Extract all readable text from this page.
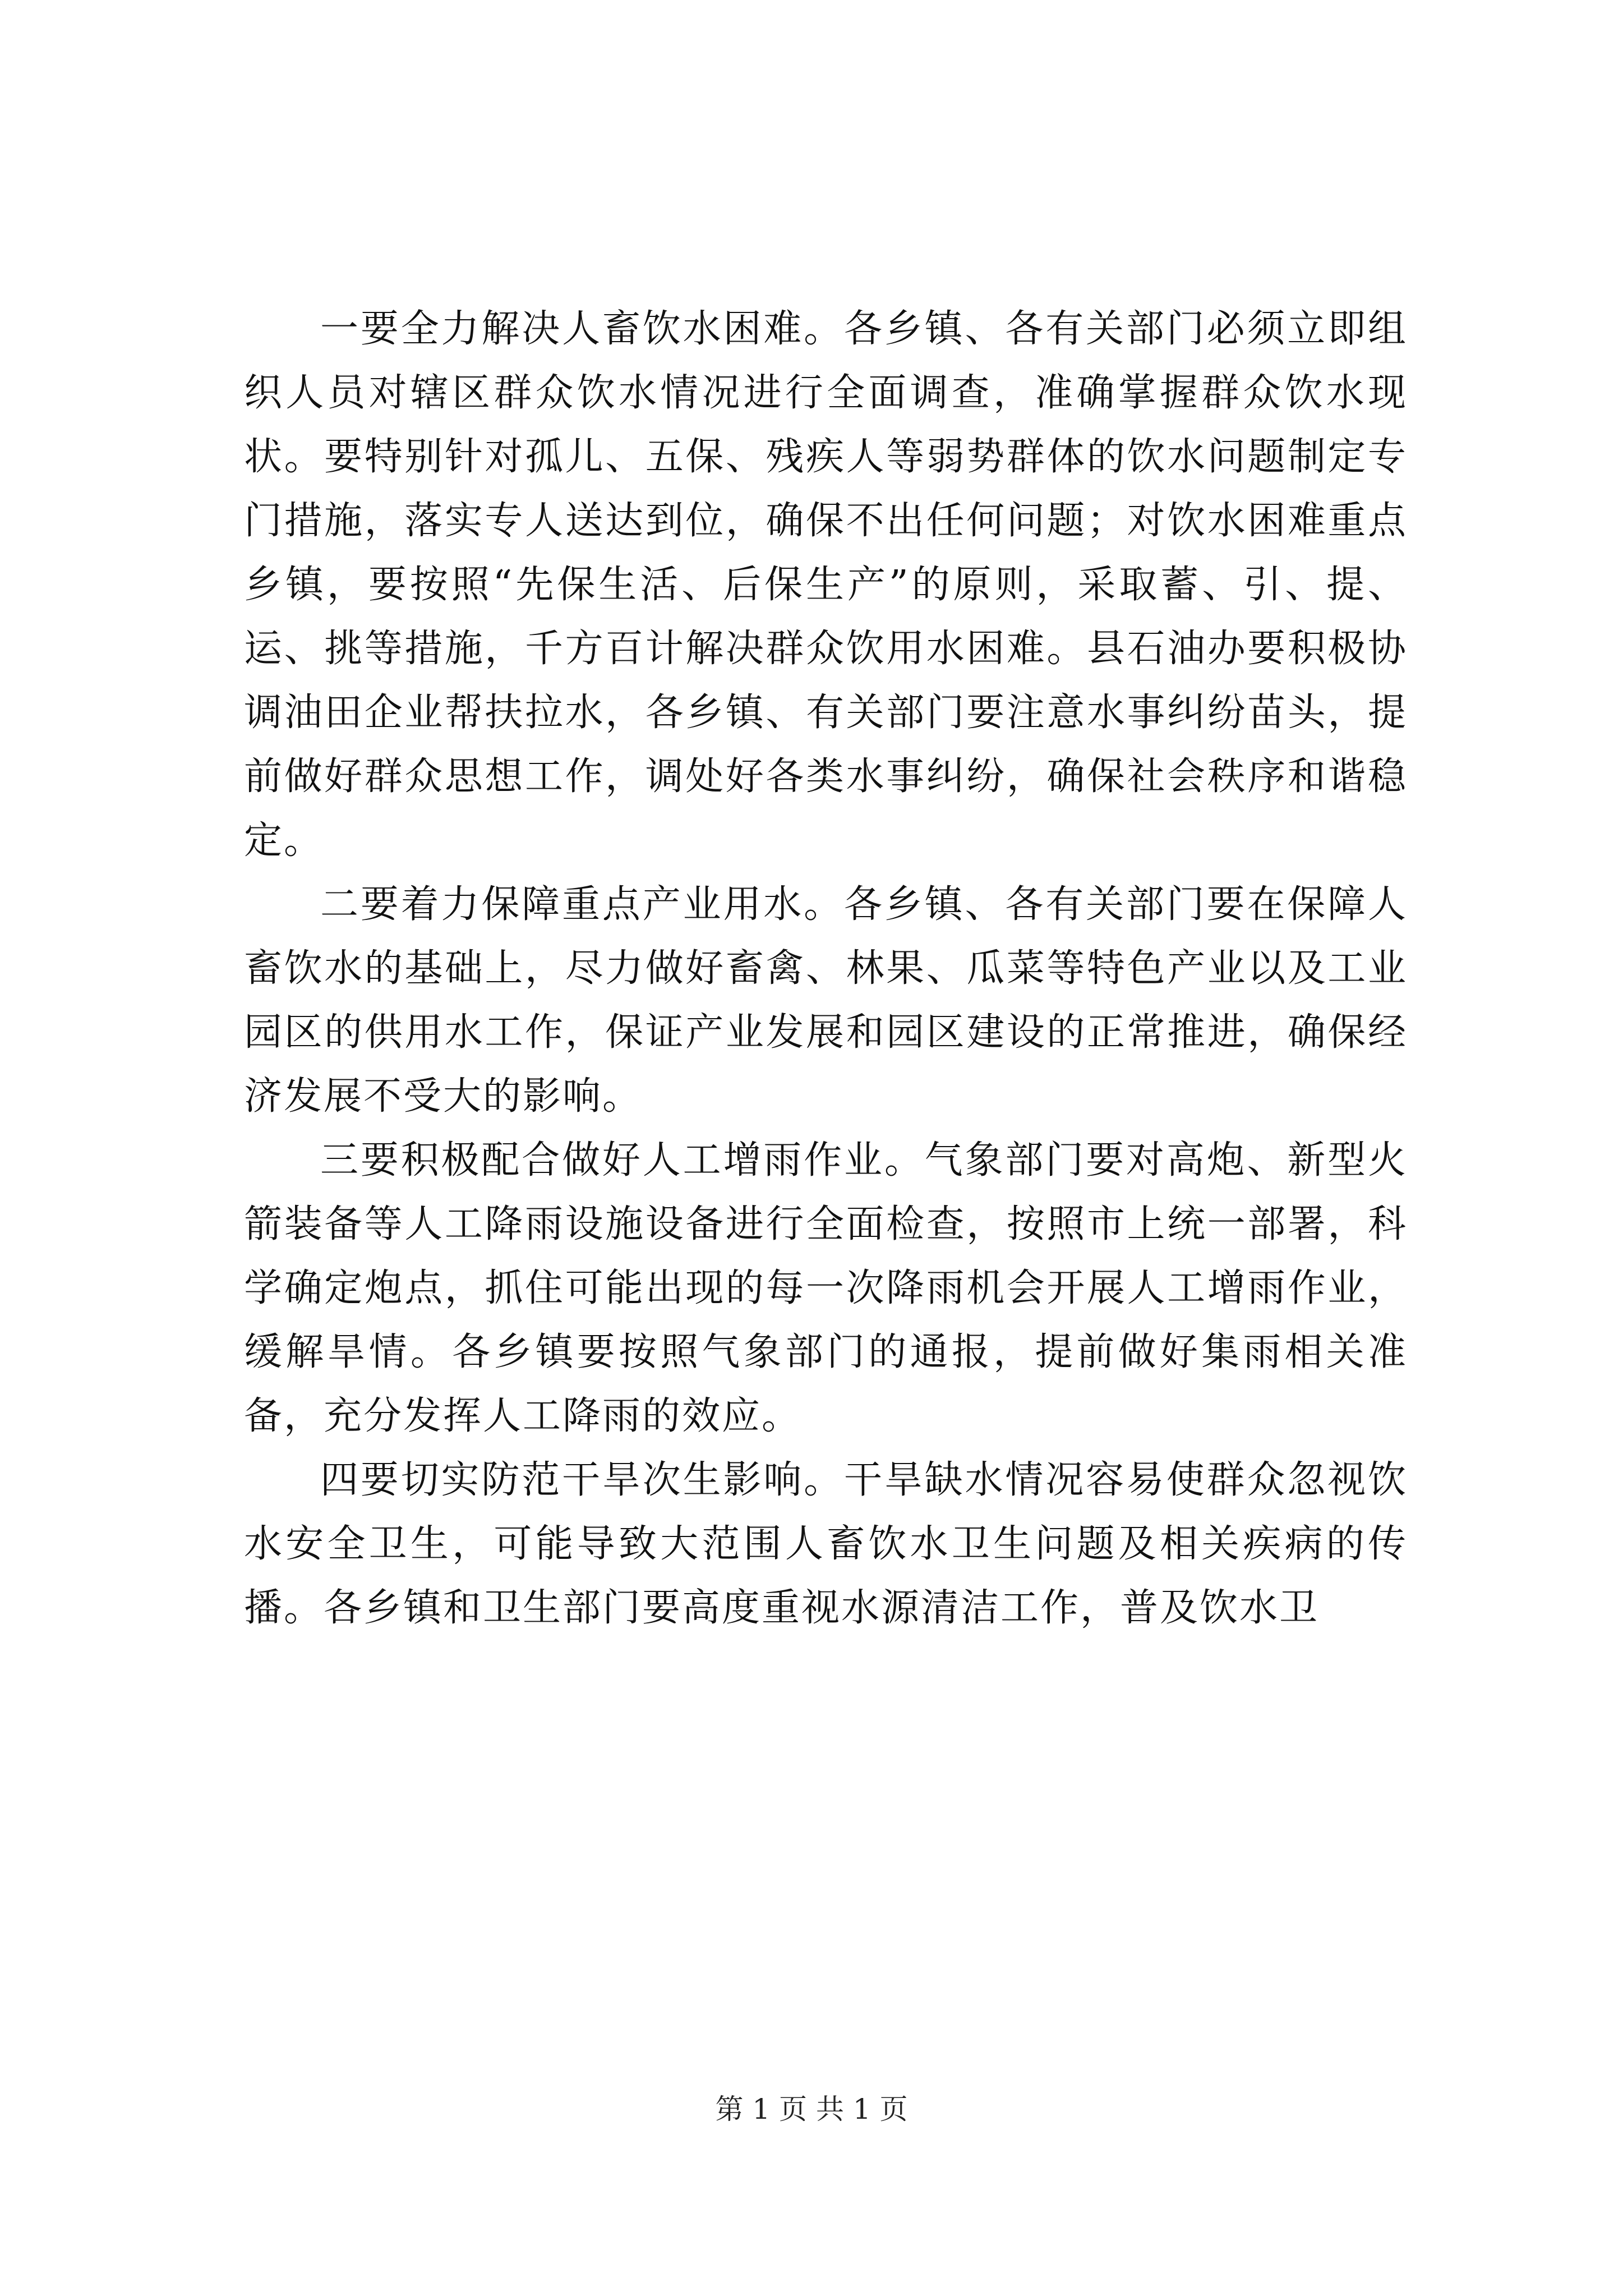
一要全力解决人畜饮水困难。各乡镇、各有关部门必须立即组织人员对辖区群众饮水情况进行全面调查，准确掌握群众饮水现状。要特别针对孤儿、五保、残疾人等弱势群体的饮水问题制定专门措施，落实专人送达到位，确保不出任何问题；对饮水困难重点乡镇，要按照“先保生活、后保生产”的原则，采取蓄、引、提、运、挑等措施，千方百计解决群众饮用水困难。县石油办要积极协调油田企业帮扶拉水，各乡镇、有关部门要注意水事纠纷苗头，提前做好群众思想工作，调处好各类水事纠纷，确保社会秩序和谐稳定。

二要着力保障重点产业用水。各乡镇、各有关部门要在保障人畜饮水的基础上，尽力做好畜禽、林果、瓜菜等特色产业以及工业园区的供用水工作，保证产业发展和园区建设的正常推进，确保经济发展不受大的影响。

三要积极配合做好人工增雨作业。气象部门要对高炮、新型火箭装备等人工降雨设施设备进行全面检查，按照市上统一部署，科学确定炮点，抓住可能出现的每一次降雨机会开展人工增雨作业，缓解旱情。各乡镇要按照气象部门的通报，提前做好集雨相关准备，充分发挥人工降雨的效应。

四要切实防范干旱次生影响。干旱缺水情况容易使群众忽视饮水安全卫生，可能导致大范围人畜饮水卫生问题及相关疾病的传播。各乡镇和卫生部门要高度重视水源清洁工作，普及饮水卫

第 1 页 共 1 页
